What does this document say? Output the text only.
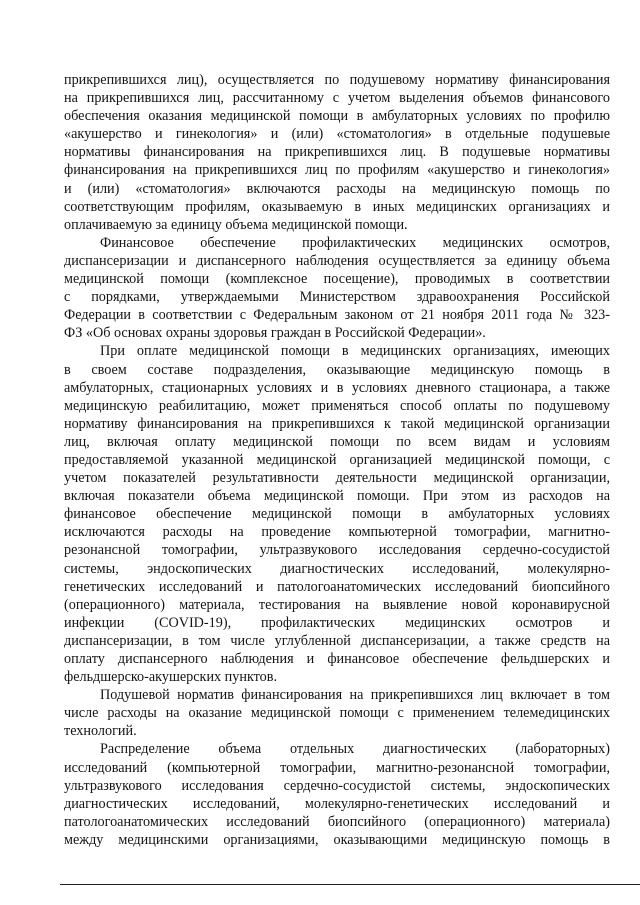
прикрепившихся лиц), осуществляется по подушевому нормативу финансирования
на прикрепившихся лиц, рассчитанному с учетом выделения объемов финансового
обеспечения оказания медицинской помощи в амбулаторных условиях по профилю
«акушерство и гинекология» и (или) «стоматология» в отдельные подушевые
нормативы финансирования на прикрепившихся лиц. В подушевые нормативы
финансирования на прикрепившихся лиц по профилям «акушерство и гинекология»
и (или) «стоматология» включаются расходы на медицинскую помощь по
соответствующим профилям, оказываемую в иных медицинских организациях и
оплачиваемую за единицу объема медицинской помощи.

Финансовое обеспечение профилактических медицинских осмотров,
диспансеризации и диспансерного наблюдения осуществляется за единицу объема
медицинской помощи (комплексное посещение), проводимых в соответствии
с порядками, утверждаемыми Министерством здравоохранения Российской
Федерации в соответствии с Федеральным законом от 21 ноября 2011 года № 323-
ФЗ «Об основах охраны здоровья граждан в Российской Федерации».

При оплате медицинской помощи в медицинских организациях, имеющих
в своем составе подразделения, оказывающие медицинскую помощь в
амбулаторных, стационарных условиях и в условиях дневного стационара, а также
медицинскую реабилитацию, может применяться способ оплаты по подушевому
нормативу финансирования на прикрепившихся к такой медицинской организации
лиц, включая оплату медицинской помощи по всем видам и условиям
предоставляемой указанной медицинской организацией медицинской помощи, с
учетом показателей результативности деятельности медицинской организации,
включая показатели объема медицинской помощи. При этом из расходов на
финансовое обеспечение медицинской помощи в амбулаторных условиях
исключаются расходы на проведение компьютерной томографии, магнитно-
резонансной томографии, ультразвукового исследования сердечно-сосудистой
системы, эндоскопических диагностических исследований, молекулярно-
генетических исследований и патологоанатомических исследований биопсийного
(операционного) материала, тестирования на выявление новой коронавирусной
инфекции (COVID-19), профилактических медицинских осмотров и
диспансеризации, в том числе углубленной диспансеризации, а также средств на
оплату диспансерного наблюдения и финансовое обеспечение фельдшерских и
фельдшерско-акушерских пунктов.

Подушевой норматив финансирования на прикрепившихся лиц включает в том
числе расходы на оказание медицинской помощи с применением телемедицинских
технологий.

Распределение объема отдельных диагностических (лабораторных)
исследований (компьютерной томографии, магнитно-резонансной томографии,
ультразвукового исследования сердечно-сосудистой системы, эндоскопических
диагностических исследований, молекулярно-генетических исследований и
патологоанатомических исследований биопсийного (операционного) материала)
между медицинскими организациями, оказывающими медицинскую помощь в
